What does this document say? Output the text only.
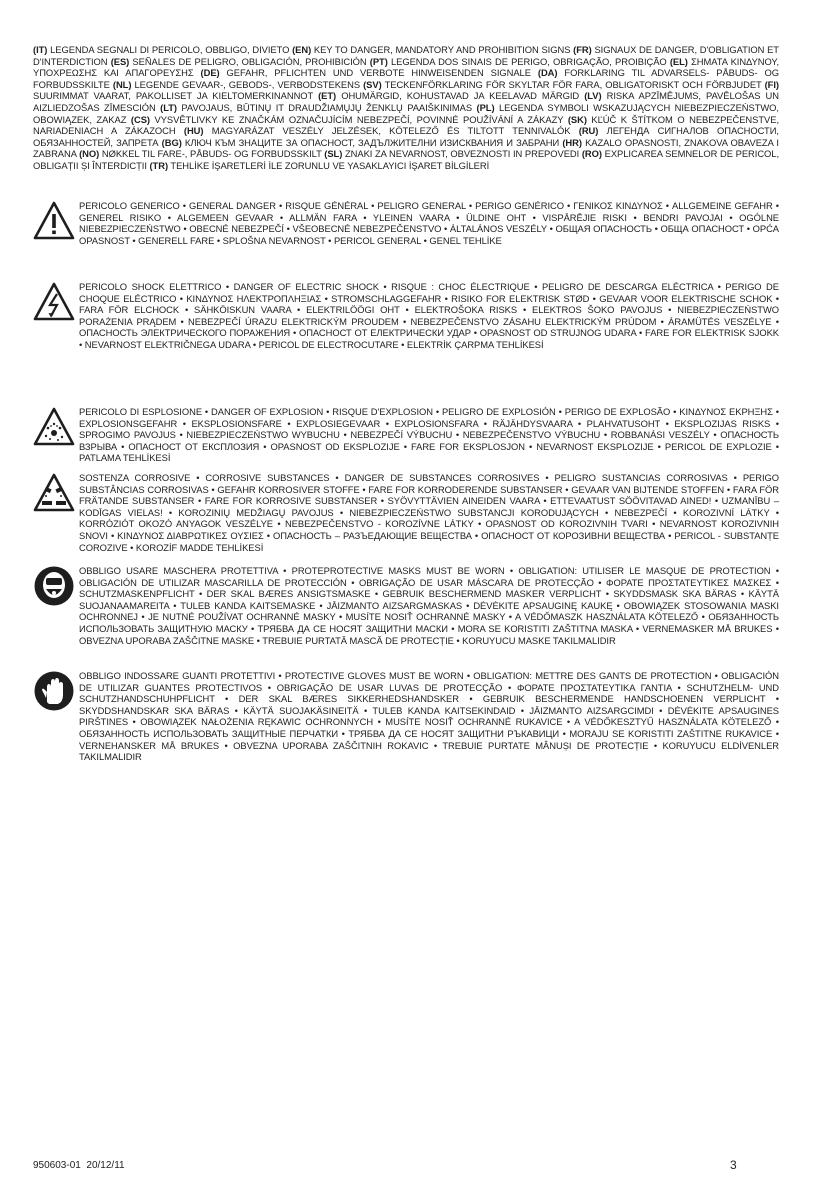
(IT) LEGENDA SEGNALI DI PERICOLO, OBBLIGO, DIVIETO (EN) KEY TO DANGER, MANDATORY AND PROHIBITION SIGNS (FR) SIGNAUX DE DANGER, D'OBLIGATION ET D'INTERDICTION (ES) SEÑALES DE PELIGRO, OBLIGACIÓN, PROHIBICIÓN (PT) LEGENDA DOS SINAIS DE PERIGO, OBRIGAÇÃO, PROIBIÇÃO (EL) ΣΗΜΑΤΑ ΚΙΝΔΥΝΟΥ, ΥΠΟΧΡΕΩΣΗΣ ΚΑΙ ΑΠΑΓΟΡΕΥΣΗΣ (DE) GEFAHR, PFLICHTEN UND VERBOTE HINWEISENDEN SIGNALE (DA) FORKLARING TIL ADVARSELS- PÅBUDS- OG FORBUDSSKILTE (NL) LEGENDE GEVAAR-, GEBODS-, VERBODSTEKENS (SV) TECKENFÖRKLARING FÖR SKYLTAR FÖR FARA, OBLIGATORISKT OCH FÖRBJUDET (FI) SUURIMMAT VAARAT, PAKOLLISET JA KIELTOMERKINANNOT (ET) OHUMÄRGID, KOHUSTAVAD JA KEELAVAD MÄRGID (LV) RISKA APZĪMĒJUMS, PAVĒLOŠAS UN AIZLIEDZOŠAS ZĪMESCIÓN (LT) PAVOJAUS, BŪTINŲ IT DRAUDŽIAMŲJŲ ŽENKLŲ PAAIŠKINIMAS (PL) LEGENDA SYMBOLI WSKAZUJĄCYCH NIEBEZPIECZEŃSTWO, OBOWIĄZEK, ZAKAZ (CS) VYSVĚTLIVKY KE ZNAČKÁM OZNAČUJÍCÍM NEBEZPEČÍ, POVINNÉ POUŽÍVÁNÍ A ZÁKAZY (SK) KĽÚČ K ŠTÍTKOM O NEBEZPEČENSTVE, NARIADENIACH A ZÁKAZOCH (HU) MAGYARÁZAT VESZÉLY JELZÉSEK, KÖTELEZŐ ÉS TILTOTT TENNIVALÓK (RU) ЛЕГЕНДА СИГНАЛОВ ОПАСНОСТИ, ОБЯЗАННОСТЕЙ, ЗАПРЕТА (BG) КЛЮЧ КЪМ ЗНАЦИТЕ ЗА ОПАСНОСТ, ЗАДЪЛЖИТЕЛНИ ИЗИСКВАНИЯ И ЗАБРАНИ (HR) KAZALO OPASNOSTI, ZNAKOVA OBAVEZA I ZABRANA (NO) NØKKEL TIL FARE-, PÅBUDS- OG FORBUDSSKILT (SL) ZNAKI ZA NEVARNOST, OBVEZNOSTI IN PREPOVEDI (RO) EXPLICAREA SEMNELOR DE PERICOL, OBLIGAȚII ȘI ÎNTERDICȚII (TR) TEHLİKE İŞARETLERİ İLE ZORUNLU VE YASAKLAYICI İŞARET BİLGİLERİ
PERICOLO GENERICO • GENERAL DANGER • RISQUE GÉNÉRAL • PELIGRO GENERAL • PERIGO GENÉRICO • ΓΕΝΙΚΟΣ ΚΙΝΔΥΝΟΣ • ALLGEMEINE GEFAHR • GENEREL RISIKO • ALGEMEEN GEVAAR • ALLMÄN FARA • YLEINEN VAARA • ÜLDINE OHT • VISPĀRĒJIE RISKI • BENDRI PAVOJAI • OGÓLNE NIEBEZPIECZEŃSTWO • OBECNÉ NEBEZPEČÍ • VŠEOBECNÉ NEBEZPEČENSTVO • ÁLTALÁNOS VESZÉLY • ОБЩАЯ ОПАСНОСТЬ • ОБЩА ОПАСНОСТ • OPĆA OPASNOST • GENERELL FARE • SPLOŠNA NEVARNOST • PERICOL GENERAL • GENEL TEHLİKE
PERICOLO SHOCK ELETTRICO • DANGER OF ELECTRIC SHOCK • RISQUE : CHOC ÉLECTRIQUE • PELIGRO DE DESCARGA ELÉCTRICA • PERIGO DE CHOQUE ELÉCTRICO • ΚΙΝΔΥΝΟΣ ΗΛΕΚΤΡΟΠΛΗΞΙΑΣ • STROMSCHLAGGEFAHR • RISIKO FOR ELEKTRISK STØD • GEVAAR VOOR ELEKTRISCHE SCHOK • FARA FÖR ELCHOCK • SÄHKÖISKUN VAARA • ELEKTRILÖÖGI OHT • ELEKTROŠOKA RISKS • ELEKTROS ŠOKO PAVOJUS • NIEBEZPIECZEŃSTWO PORAŻENIA PRĄDEM • NEBEZPEČÍ ÚRAZU ELEKTRICKÝM PROUDEM • NEBEZPEČENSTVO ZÁSAHU ELEKTRICKÝM PRÚDOM • ÁRAMÜTÉS VESZÉLYE • ОПАСНОСТЬ ЭЛЕКТРИЧЕСКОГО ПОРАЖЕНИЯ • ОПАСНОСТ ОТ ЕЛЕКТРИЧЕСКИ УДАР • OPASNOST OD STRUJNOG UDARA • FARE FOR ELEKTRISK SJOKK • NEVARNOST ELEKTRIČNEGA UDARA • PERICOL DE ELECTROCUTARE • ELEKTRİK ÇARPMA TEHLİKESİ
PERICOLO DI ESPLOSIONE • DANGER OF EXPLOSION • RISQUE D'EXPLOSION • PELIGRO DE EXPLOSIÓN • PERIGO DE EXPLOSÃO • ΚΙΝΔΥΝΟΣ ΕΚΡΗΞΗΣ • EXPLOSIONSGEFAHR • EKSPLOSIONSFARE • EXPLOSIEGEVAAR • EXPLOSIONSFARA • RÄJÄHDYSVAARA • PLAHVATUSOHT • EKSPLOZIJAS RISKS • SPROGIMO PAVOJUS • NIEBEZPIECZEŃSTWO WYBUCHU • NEBEZPEČÍ VÝBUCHU • NEBEZPEČENSTVO VÝBUCHU • ROBBANÁSI VESZÉLY • ОПАСНОСТЬ ВЗРЫВА • ОПАСНОСТ ОТ ЕКСПЛОЗИЯ • OPASNOST OD EKSPLOZIJE • FARE FOR EKSPLOSJON • NEVARNOST EKSPLOZIJE • PERICOL DE EXPLOZIE • PATLAMA TEHLİKESİ
SOSTENZA CORROSIVE • CORROSIVE SUBSTANCES • DANGER DE SUBSTANCES CORROSIVES • PELIGRO SUSTANCIAS CORROSIVAS • PERIGO SUBSTÂNCIAS CORROSIVAS • GEFAHR KORROSIVER STOFFE • FARE FOR KORRODERENDE SUBSTANSER • GEVAAR VAN BIJTENDE STOFFEN • FARA FÖR FRÄTANDE SUBSTANSER • FARE FOR KORROSIVE SUBSTANSER • SYÖVYTTÄVIEN AINEIDEN VAARA • ETTEVAATUST SÖÖVITAVAD AINED! • UZMANĪBU – KODĪGAS VIELAS! • KOROZINIŲ MEDŽIAGŲ PAVOJUS • NIEBEZPIECZEŃSTWO SUBSTANCJI KORODUJĄCYCH • NEBEZPEČÍ • KOROZIVNÍ LÁTKY • KORRÓZIÓT OKOZÓ ANYAGOK VESZÉLYE • NEBEZPEČENSTVO - KOROZÍVNE LÁTKY • OPASNOST OD KOROZIVNIH TVARI • NEVARNOST KOROZIVNIH SNOVI • ΚΙΝΔΥΝΟΣ ΔΙΑΒΡΩΤΙΚΕΣ ΟΥΣΙΕΣ • ОПАСНОСТЬ – РАЗЪЕДАЮЩИЕ ВЕЩЕСТВА • ОПАСНОСТ ОТ КОРОЗИВНИ ВЕЩЕСТВА • PERICOL - SUBSTANȚE COROZIVE • KOROZİF MADDE TEHLİKESİ
OBBLIGO USARE MASCHERA PROTETTIVA • PROTEPROTECTIVE MASKS MUST BE WORN • OBLIGATION: UTILISER LE MASQUE DE PROTECTION • OBLIGACIÓN DE UTILIZAR MASCARILLA DE PROTECCIÓN • OBRIGAÇÃO DE USAR MÁSCARA DE PROTECÇÃO • ΦΟΡΑΤΕ ΠΡΟΣΤΑΤΕΥΤΙΚΕΣ ΜΑΣΚΕΣ • SCHUTZMASKENPFLICHT • DER SKAL BÆRES ANSIGTSMASKE • GEBRUIK BESCHERMEND MASKER VERPLICHT • SKYDDSMASK SKA BÄRAS • KÄYTÄ SUOJANAAMAREITA • TULEB KANDA KAITSEMASKE • JĀIZMANTO AIZSARGMASKAS • DĖVĖKITE APSAUGINĘ KAUKĘ • OBOWIĄZEK STOSOWANIA MASKI OCHRONNEJ • JE NUTNÉ POUŽÍVAT OCHRANNÉ MASKY • MUSÍTE NOSIŤ OCHRANNÉ MASKY • A VÉDŐMASZK HASZNÁLATA KÖTELEZŐ • ОБЯЗАННОСТЬ ИСПОЛЬЗОВАТЬ ЗАЩИТНУЮ МАСКУ • ТРЯБВА ДА СЕ НОСЯТ ЗАЩИТНИ МАСКИ • MORA SE KORISTITI ZAŠTITNA MASKA • VERNEMASKER MÅ BRUKES • OBVEZNA UPORABA ZAŠČITNE MASKE • TREBUIE PURTATĂ MASCĂ DE PROTECȚIE • KORUYUCU MASKE TAKILMALIDIR
OBBLIGO INDOSSARE GUANTI PROTETTIVI • PROTECTIVE GLOVES MUST BE WORN • OBLIGATION: METTRE DES GANTS DE PROTECTION • OBLIGACIÓN DE UTILIZAR GUANTES PROTECTIVOS • OBRIGAÇÃO DE USAR LUVAS DE PROTECÇÃO • ΦΟΡΑΤΕ ΠΡΟΣΤΑΤΕΥΤΙΚΑ ΓΑΝΤΙΑ • SCHUTZHELM- UND SCHUTZHANDSCHUHPFLICHT • DER SKAL BÆRES SIKKERHEDSHANDSKER • GEBRUIK BESCHERMENDE HANDSCHOENEN VERPLICHT • SKYDDSHANDSKAR SKA BÄRAS • KÄYTÄ SUOJAKÄSINEITÄ • TULEB KANDA KAITSEKINDAID • JĀIZMANTO AIZSARGCIMDI • DĖVĖKITE APSAUGINES PIRŠTINES • OBOWIĄZEK NAŁOŻENIA RĘKAWIC OCHRONNYCH • MUSÍTE NOSIŤ OCHRANNÉ RUKAVICE • A VÉDŐKESZTYŰ HASZNÁLATA KÖTELEZŐ • ОБЯЗАННОСТЬ ИСПОЛЬЗОВАТЬ ЗАЩИТНЫЕ ПЕРЧАТКИ • ТРЯБВА ДА СЕ НОСЯТ ЗАЩИТНИ РЪКАВИЦИ • MORAJU SE KORISTITI ZAŠTITNE RUKAVICE • VERNEHANSKER MÅ BRUKES • OBVEZNA UPORABA ZAŠČITNIH ROKAVIC • TREBUIE PURTATE MÂNUȘI DE PROTECȚIE • KORUYUCU ELDİVENLER TAKILMALIDIR
950603-01 20/12/11	3
